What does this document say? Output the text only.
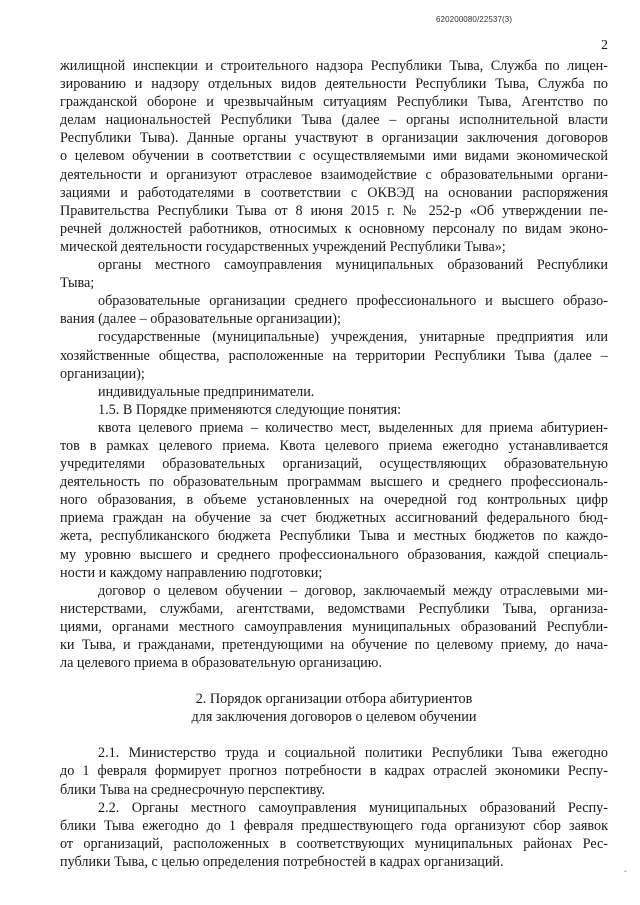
620200080/22537(3)
2
жилищной инспекции и строительного надзора Республики Тыва, Служба по лицен-
зированию и надзору отдельных видов деятельности Республики Тыва, Служба по
гражданской обороне и чрезвычайным ситуациям Республики Тыва, Агентство по
делам национальностей Республики Тыва (далее – органы исполнительной власти
Республики Тыва). Данные органы участвуют в организации заключения договоров
о целевом обучении в соответствии с осуществляемыми ими видами экономической
деятельности и организуют отраслевое взаимодействие с образовательными органи-
зациями и работодателями в соответствии с ОКВЭД на основании распоряжения
Правительства Республики Тыва от 8 июня 2015 г. № 252-р «Об утверждении пе-
речней должностей работников, относимых к основному персоналу по видам эконо-
мической деятельности государственных учреждений Республики Тыва»;
органы местного самоуправления муниципальных образований Республики
Тыва;
образовательные организации среднего профессионального и высшего образо-
вания (далее – образовательные организации);
государственные (муниципальные) учреждения, унитарные предприятия или
хозяйственные общества, расположенные на территории Республики Тыва (далее –
организации);
индивидуальные предприниматели.
1.5. В Порядке применяются следующие понятия:
квота целевого приема – количество мест, выделенных для приема абитуриен-
тов в рамках целевого приема. Квота целевого приема ежегодно устанавливается
учредителями образовательных организаций, осуществляющих образовательную
деятельность по образовательным программам высшего и среднего профессиональ-
ного образования, в объеме установленных на очередной год контрольных цифр
приема граждан на обучение за счет бюджетных ассигнований федерального бюд-
жета, республиканского бюджета Республики Тыва и местных бюджетов по каждо-
му уровню высшего и среднего профессионального образования, каждой специаль-
ности и каждому направлению подготовки;
договор о целевом обучении – договор, заключаемый между отраслевыми ми-
нистерствами, службами, агентствами, ведомствами Республики Тыва, организа-
циями, органами местного самоуправления муниципальных образований Республи-
ки Тыва, и гражданами, претендующими на обучение по целевому приему, до нача-
ла целевого приема в образовательную организацию.
2. Порядок организации отбора абитуриентов
для заключения договоров о целевом обучении
2.1. Министерство труда и социальной политики Республики Тыва ежегодно
до 1 февраля формирует прогноз потребности в кадрах отраслей экономики Респу-
блики Тыва на среднесрочную перспективу.
2.2. Органы местного самоуправления муниципальных образований Респу-
блики Тыва ежегодно до 1 февраля предшествующего года организуют сбор заявок
от организаций, расположенных в соответствующих муниципальных районах Рес-
публики Тыва, с целью определения потребностей в кадрах организаций.
ˇ
